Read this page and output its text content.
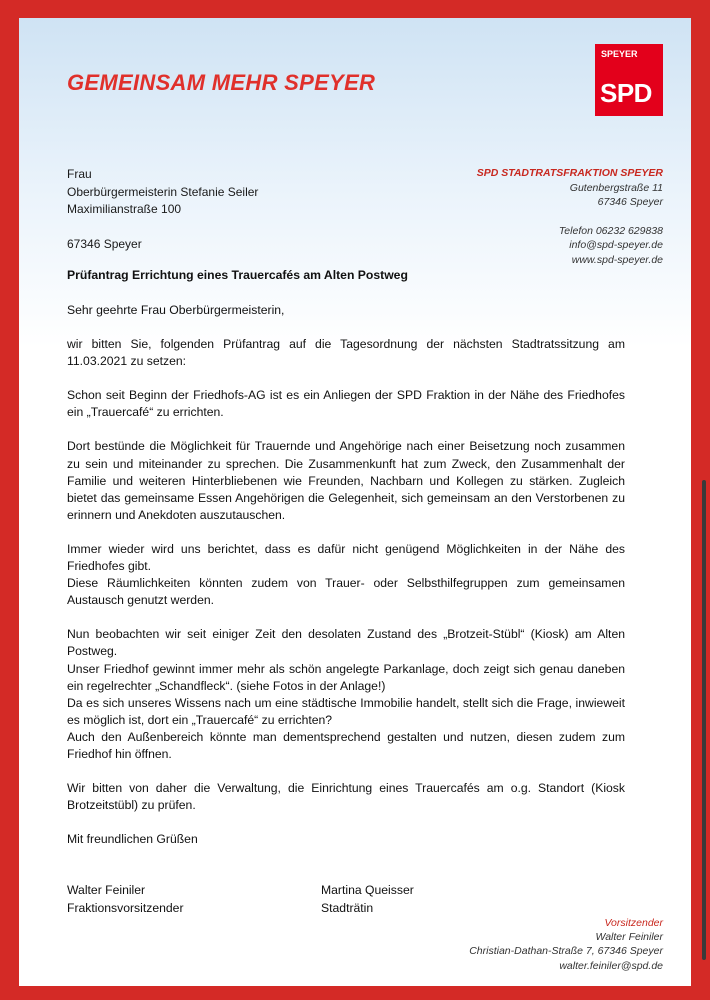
GEMEINSAM MEHR SPEYER
SPEYER
SPD
Frau
Oberbürgermeisterin Stefanie Seiler
Maximilianstraße 100
67346 Speyer
SPD STADTRATSFRAKTION SPEYER
Gutenbergstraße 11
67346 Speyer
Telefon 06232 629838
info@spd-speyer.de
www.spd-speyer.de
Prüfantrag Errichtung eines Trauercafés am Alten Postweg

Sehr geehrte Frau Oberbürgermeisterin,

wir bitten Sie, folgenden Prüfantrag auf die Tagesordnung der nächsten Stadtratssitzung am 11.03.2021 zu setzen:

Schon seit Beginn der Friedhofs-AG ist es ein Anliegen der SPD Fraktion in der Nähe des Friedhofes ein „Trauercafé“ zu errichten.

Dort bestünde die Möglichkeit für Trauernde und Angehörige nach einer Beisetzung noch zusammen zu sein und miteinander zu sprechen. Die Zusammenkunft hat zum Zweck, den Zusammenhalt der Familie und weiteren Hinterbliebenen wie Freunden, Nachbarn und Kollegen zu stärken. Zugleich bietet das gemeinsame Essen Angehörigen die Gelegenheit, sich gemeinsam an den Verstorbenen zu erinnern und Anekdoten auszutauschen.

Immer wieder wird uns berichtet, dass es dafür nicht genügend Möglichkeiten in der Nähe des Friedhofes gibt.
Diese Räumlichkeiten könnten zudem von Trauer- oder Selbsthilfegruppen zum gemeinsamen Austausch genutzt werden.

Nun beobachten wir seit einiger Zeit den desolaten Zustand des „Brotzeit-Stübl“ (Kiosk) am Alten Postweg.
Unser Friedhof gewinnt immer mehr als schön angelegte Parkanlage, doch zeigt sich genau daneben ein regelrechter „Schandfleck“. (siehe Fotos in der Anlage!)
Da es sich unseres Wissens nach um eine städtische Immobilie handelt, stellt sich die Frage, inwieweit es möglich ist, dort ein „Trauercafé“ zu errichten?
Auch den Außenbereich könnte man dementsprechend gestalten und nutzen, diesen zudem zum Friedhof hin öffnen.

Wir bitten von daher die Verwaltung, die Einrichtung eines Trauercafés am o.g. Standort (Kiosk Brotzeitstübl) zu prüfen.

Mit freundlichen Grüßen

Walter Feiniler
Fraktionsvorsitzender
Martina Queisser
Stadträtin
Vorsitzender
Walter Feiniler
Christian-Dathan-Straße 7, 67346 Speyer
walter.feiniler@spd.de
